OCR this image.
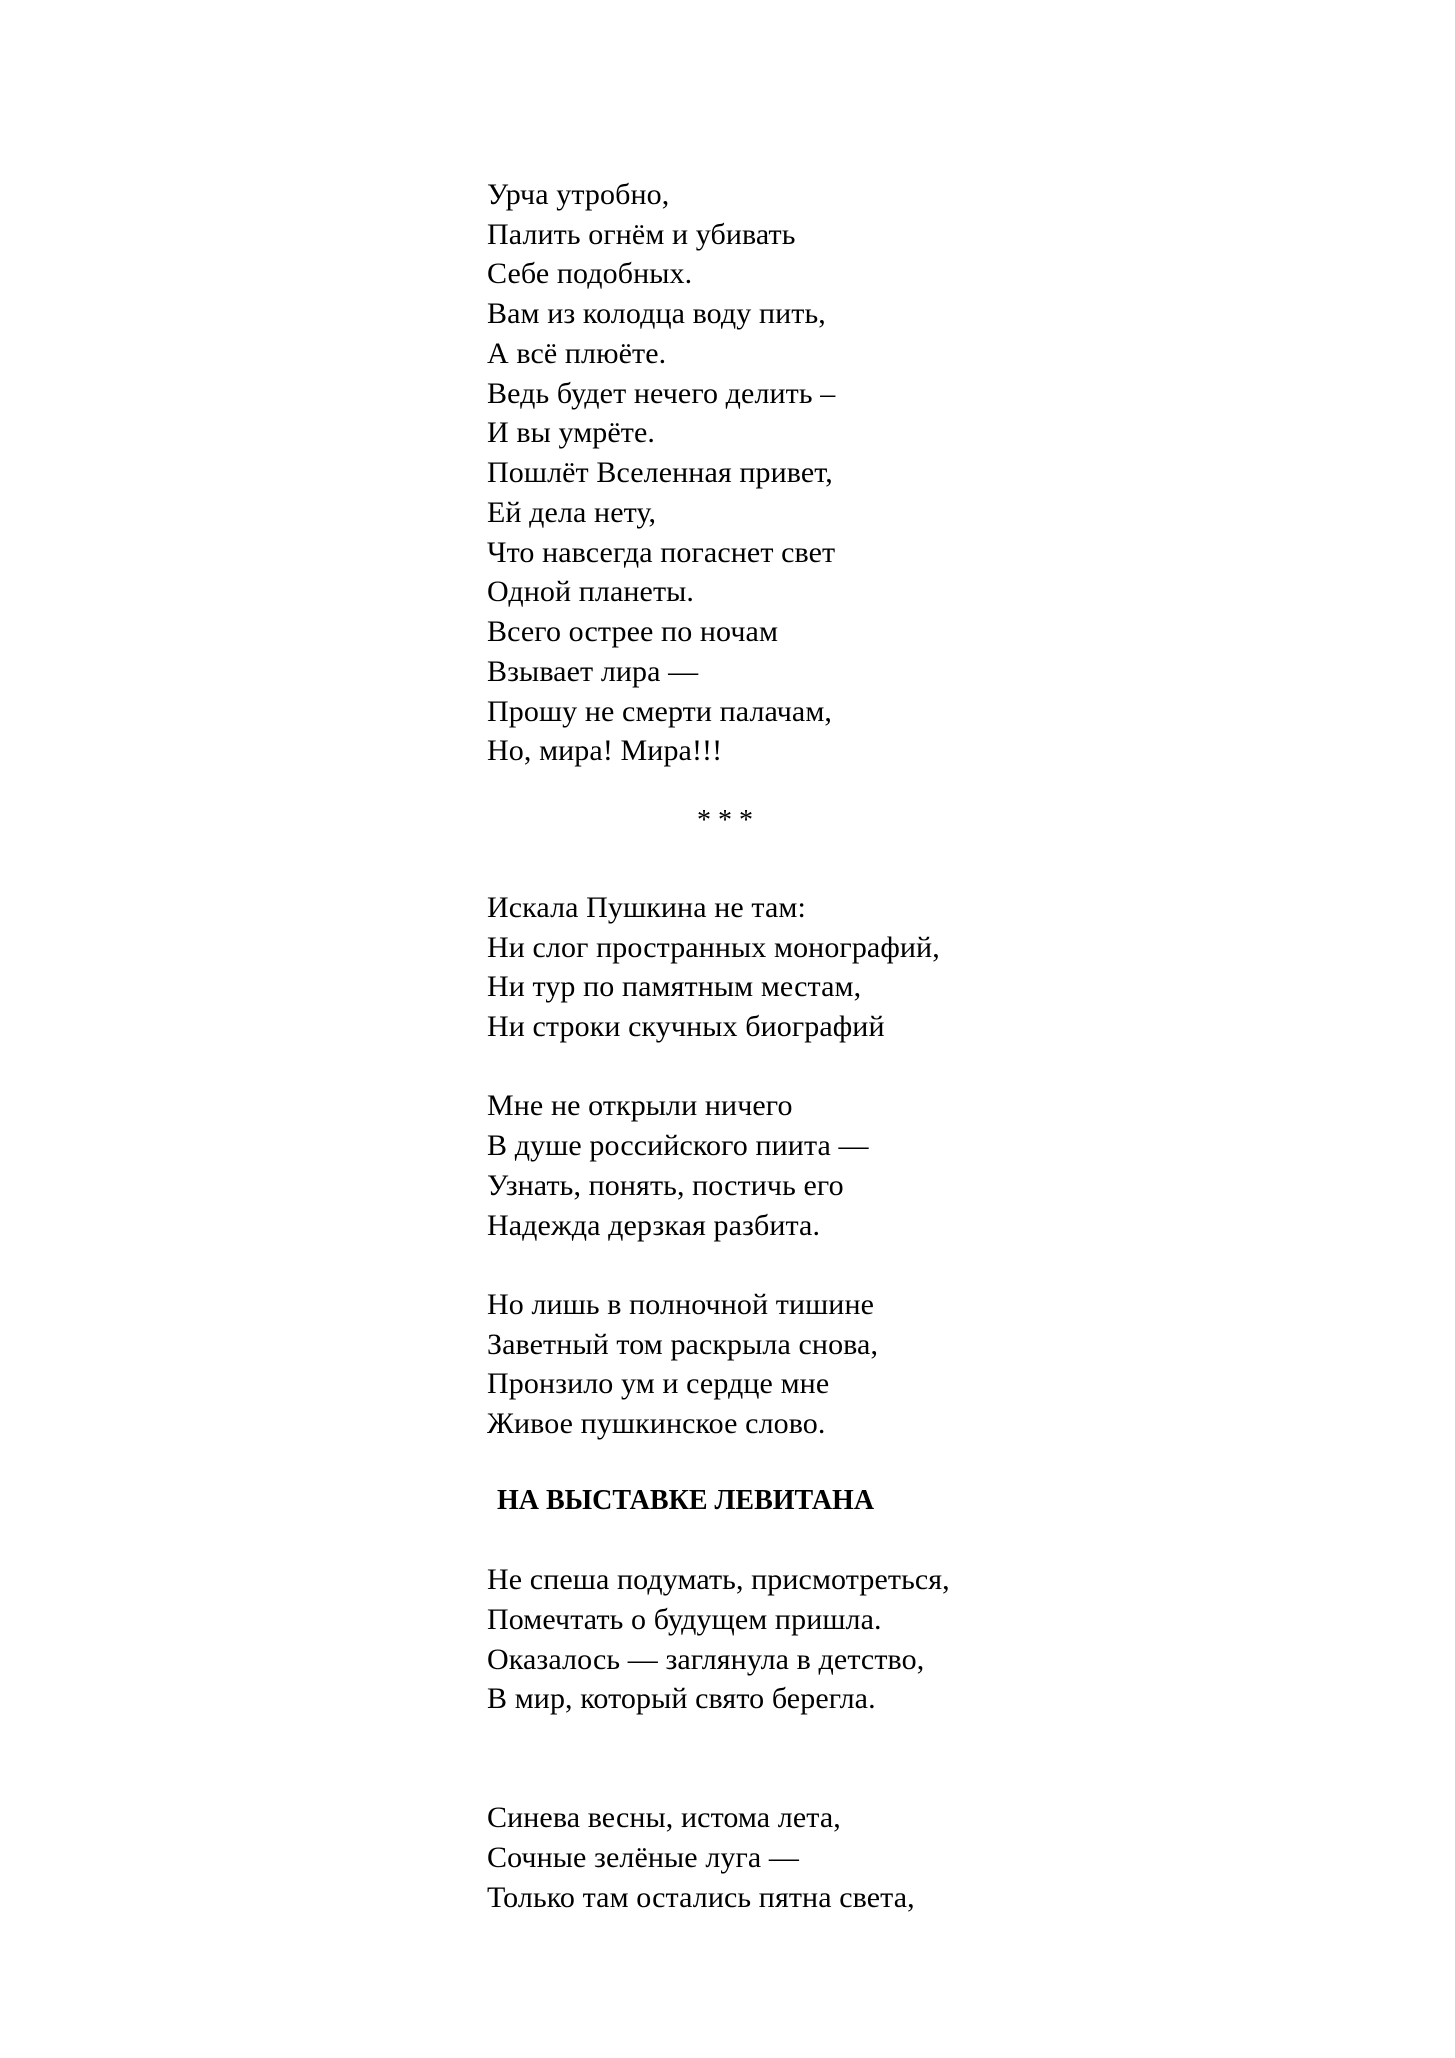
Урча утробно,
Палить огнём и убивать
Себе подобных.
Вам из колодца воду пить,
А всё плюёте.
Ведь будет нечего делить –
И вы умрёте.
Пошлёт Вселенная привет,
Ей дела нету,
Что навсегда погаснет свет
Одной планеты.
Всего острее по ночам
Взывает лира —
Прошу не смерти палачам,
Но, мира! Мира!!!
* * *
Искала Пушкина не там:
Ни слог пространных монографий,
Ни тур по памятным местам,
Ни строки скучных биографий
Мне не открыли ничего
В душе российского пиита —
Узнать, понять, постичь его
Надежда дерзкая разбита.
Но лишь в полночной тишине
Заветный том раскрыла снова,
Пронзило ум и сердце мне
Живое пушкинское слово.
НА ВЫСТАВКЕ ЛЕВИТАНА
Не спеша подумать, присмотреться,
Помечтать о будущем пришла.
Оказалось — заглянула в детство,
В мир, который свято берегла.
Синева весны, истома лета,
Сочные зелёные луга —
Только там остались пятна света,
